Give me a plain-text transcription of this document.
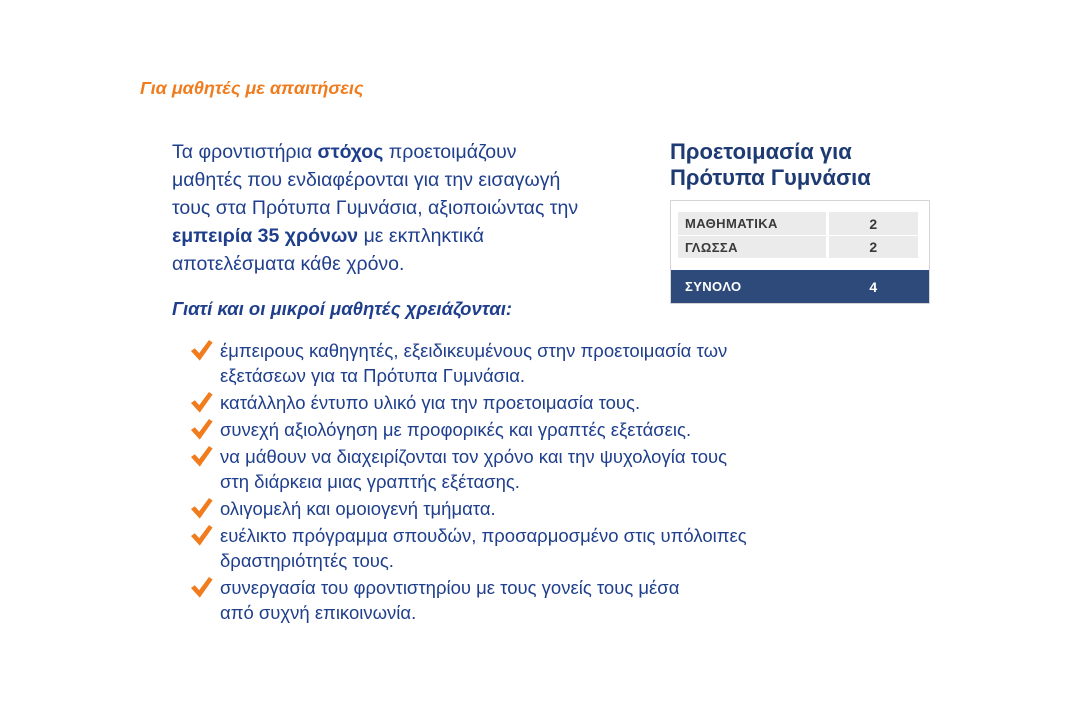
Για μαθητές με απαιτήσεις
Τα φροντιστήρια στόχος προετοιμάζουν
μαθητές που ενδιαφέρονται για την εισαγωγή
τους στα Πρότυπα Γυμνάσια, αξιοποιώντας την
εμπειρία 35 χρόνων με εκπληκτικά
αποτελέσματα κάθε χρόνο.
Γιατί και οι μικροί μαθητές χρειάζονται:
έμπειρους καθηγητές, εξειδικευμένους στην προετοιμασία των
εξετάσεων για τα Πρότυπα Γυμνάσια.
κατάλληλο έντυπο υλικό για την προετοιμασία τους.
συνεχή αξιολόγηση με προφορικές και γραπτές εξετάσεις.
να μάθουν να διαχειρίζονται τον χρόνο και την ψυχολογία τους
στη διάρκεια μιας γραπτής εξέτασης.
ολιγομελή και ομοιογενή τμήματα.
ευέλικτο πρόγραμμα σπουδών, προσαρμοσμένο στις υπόλοιπες
δραστηριότητές τους.
συνεργασία του φροντιστηρίου με τους γονείς τους μέσα
από συχνή επικοινωνία.
Προετοιμασία για
Πρότυπα Γυμνάσια
ΜΑΘΗΜΑΤΙΚΑ	2
ΓΛΩΣΣΑ	2
ΣΥΝΟΛΟ	4
